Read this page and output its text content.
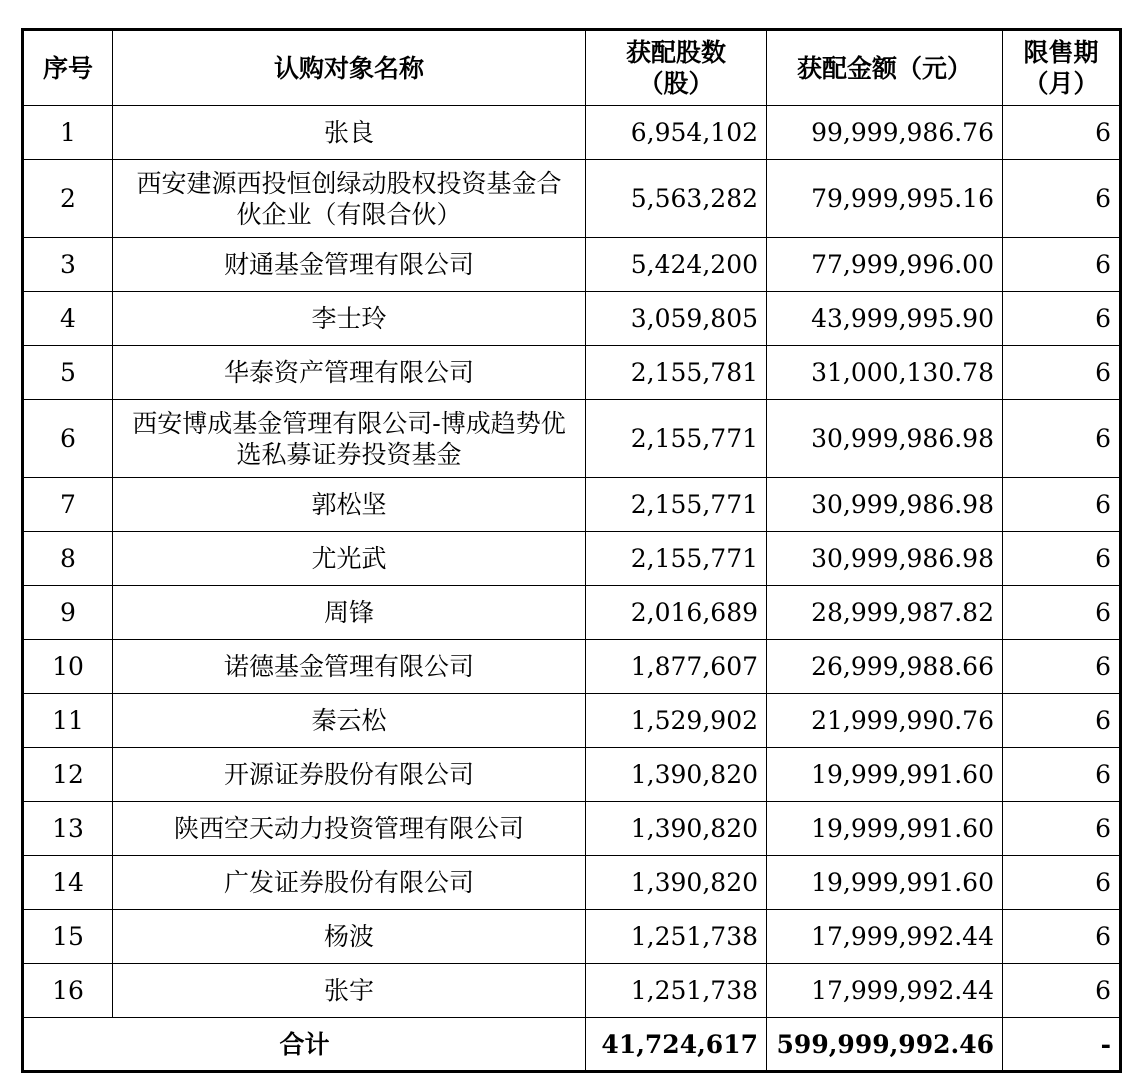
序号	认购对象名称	获配股数（股）	获配金额（元）	限售期（月）
1	张良	6,954,102	99,999,986.76	6
2	西安建源西投恒创绿动股权投资基金合伙企业（有限合伙）	5,563,282	79,999,995.16	6
3	财通基金管理有限公司	5,424,200	77,999,996.00	6
4	李士玲	3,059,805	43,999,995.90	6
5	华泰资产管理有限公司	2,155,781	31,000,130.78	6
6	西安博成基金管理有限公司-博成趋势优选私募证券投资基金	2,155,771	30,999,986.98	6
7	郭松坚	2,155,771	30,999,986.98	6
8	尤光武	2,155,771	30,999,986.98	6
9	周锋	2,016,689	28,999,987.82	6
10	诺德基金管理有限公司	1,877,607	26,999,988.66	6
11	秦云松	1,529,902	21,999,990.76	6
12	开源证券股份有限公司	1,390,820	19,999,991.60	6
13	陕西空天动力投资管理有限公司	1,390,820	19,999,991.60	6
14	广发证券股份有限公司	1,390,820	19,999,991.60	6
15	杨波	1,251,738	17,999,992.44	6
16	张宇	1,251,738	17,999,992.44	6
合计		41,724,617	599,999,992.46	-
